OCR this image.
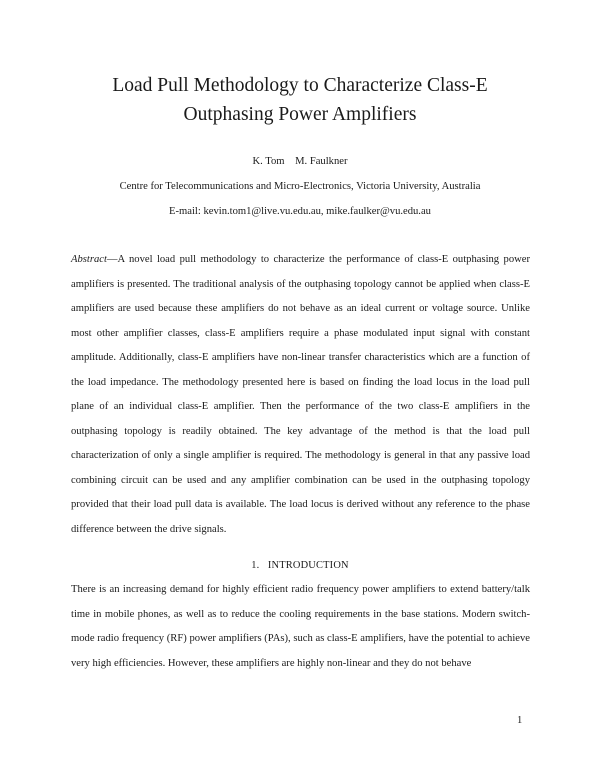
Load Pull Methodology to Characterize Class-E
Outphasing Power Amplifiers
K. Tom    M. Faulkner
Centre for Telecommunications and Micro-Electronics, Victoria University, Australia
E-mail: kevin.tom1@live.vu.edu.au, mike.faulker@vu.edu.au

Abstract—A novel load pull methodology to characterize the performance of class-E outphasing power amplifiers is presented. The traditional analysis of the outphasing topology cannot be applied when class-E amplifiers are used because these amplifiers do not behave as an ideal current or voltage source. Unlike most other amplifier classes, class-E amplifiers require a phase modulated input signal with constant amplitude. Additionally, class-E amplifiers have non-linear transfer characteristics which are a function of the load impedance. The methodology presented here is based on finding the load locus in the load pull plane of an individual class-E amplifier. Then the performance of the two class-E amplifiers in the outphasing topology is readily obtained. The key advantage of the method is that the load pull characterization of only a single amplifier is required. The methodology is general in that any passive load combining circuit can be used and any amplifier combination can be used in the outphasing topology provided that their load pull data is available. The load locus is derived without any reference to the phase difference between the drive signals.

1.   INTRODUCTION

There is an increasing demand for highly efficient radio frequency power amplifiers to extend battery/talk time in mobile phones, as well as to reduce the cooling requirements in the base stations. Modern switch-mode radio frequency (RF) power amplifiers (PAs), such as class-E amplifiers, have the potential to achieve very high efficiencies. However, these amplifiers are highly non-linear and they do not behave

1
